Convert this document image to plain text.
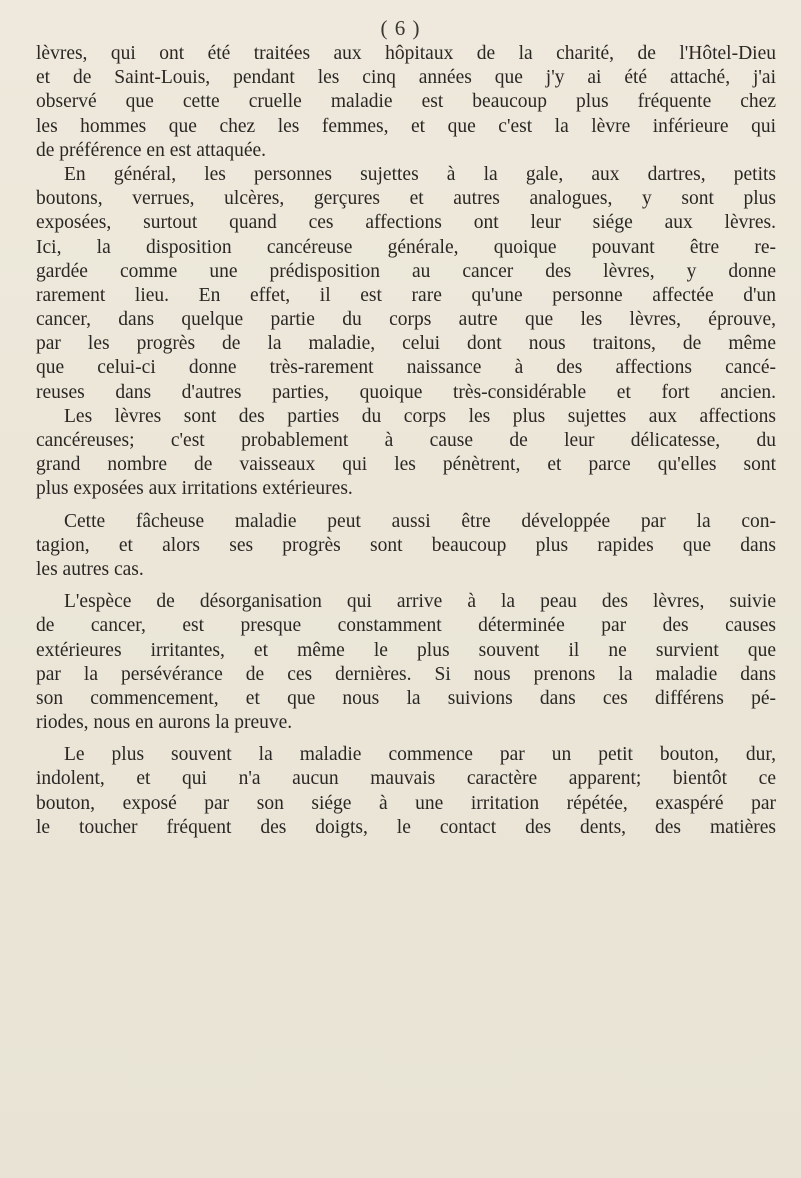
( 6 )
lèvres, qui ont été traitées aux hôpitaux de la charité, de l'Hôtel-Dieu
et de Saint-Louis, pendant les cinq années que j'y ai été attaché, j'ai
observé que cette cruelle maladie est beaucoup plus fréquente chez
les hommes que chez les femmes, et que c'est la lèvre inférieure qui
de préférence en est attaquée.
En général, les personnes sujettes à la gale, aux dartres, petits
boutons, verrues, ulcères, gerçures et autres analogues, y sont plus
exposées, surtout quand ces affections ont leur siége aux lèvres.
Ici, la disposition cancéreuse générale, quoique pouvant être re-
gardée comme une prédisposition au cancer des lèvres, y donne
rarement lieu. En effet, il est rare qu'une personne affectée d'un
cancer, dans quelque partie du corps autre que les lèvres, éprouve,
par les progrès de la maladie, celui dont nous traitons, de même
que celui-ci donne très-rarement naissance à des affections cancé-
reuses dans d'autres parties, quoique très-considérable et fort ancien.
Les lèvres sont des parties du corps les plus sujettes aux affections
cancéreuses; c'est probablement à cause de leur délicatesse, du
grand nombre de vaisseaux qui les pénètrent, et parce qu'elles sont
plus exposées aux irritations extérieures.
Cette fâcheuse maladie peut aussi être développée par la con-
tagion, et alors ses progrès sont beaucoup plus rapides que dans
les autres cas.
L'espèce de désorganisation qui arrive à la peau des lèvres, suivie
de cancer, est presque constamment déterminée par des causes
extérieures irritantes, et même le plus souvent il ne survient que
par la persévérance de ces dernières. Si nous prenons la maladie dans
son commencement, et que nous la suivions dans ces différens pé-
riodes, nous en aurons la preuve.
Le plus souvent la maladie commence par un petit bouton, dur,
indolent, et qui n'a aucun mauvais caractère apparent; bientôt ce
bouton, exposé par son siége à une irritation répétée, exaspéré par
le toucher fréquent des doigts, le contact des dents, des matières
